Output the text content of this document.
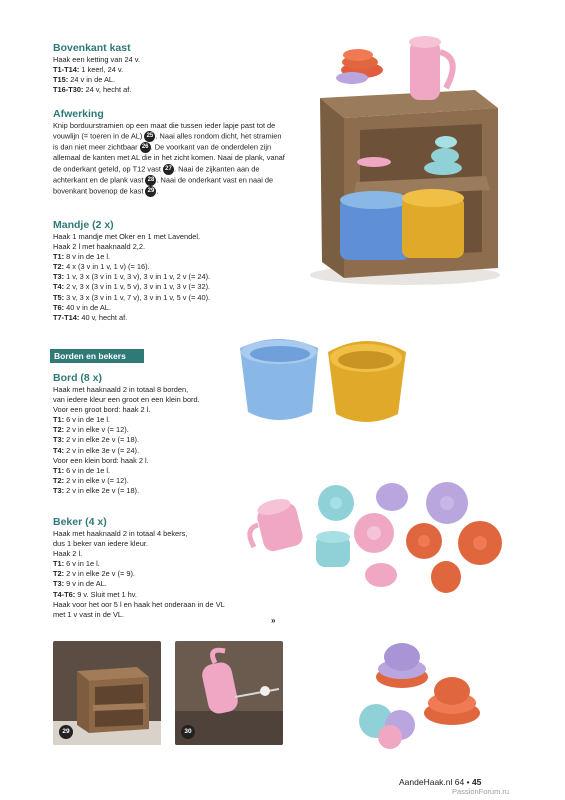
Bovenkant kast

Haak een ketting van 24 v.

T1-T14: 1 keerl, 24 v.

T15: 24 v in de AL.

T16-T30: 24 v, hecht af.

Afwerking

Knip borduurstramien op een maat die tussen ieder lapje past tot de vouwlijn (= toeren in de AL) 25 . Naai alles rondom dicht, het stramien is dan niet meer zichtbaar 26 . De voorkant van de onderdelen zijn allemaal de kanten met AL die in het zicht komen. Naai de plank, vanaf de onderkant geteld, op T12 vast 27 . Naai de zijkanten aan de achterkant en de plank vast 28 . Naai de onderkant vast en naai de bovenkant bovenop de kast 29 .

Mandje (2 x)

Haak 1 mandje met Oker en 1 met Lavendel.

Haak 2 l met haaknaald 2,2.

T1: 8 v in de 1e l.

T2: 4 x (3 v in 1 v, 1 v) (= 16).

T3: 1 v, 3 x (3 v in 1 v, 3 v), 3 v in 1 v, 2 v (= 24).

T4: 2 v, 3 x (3 v in 1 v, 5 v), 3 v in 1 v, 3 v (= 32).

T5: 3 v, 3 x (3 v in 1 v, 7 v), 3 v in 1 v, 5 v (= 40).

T6: 40 v in de AL.

T7-T14: 40 v, hecht af.

Borden en bekers
Bord (8 x)

Haak met haaknaald 2 in totaal 8 borden,

van iedere kleur een groot en een klein bord.

Voor een groot bord: haak 2 l.

T1: 6 v in de 1e l.

T2: 2 v in elke v (= 12).

T3: 2 v in elke 2e v (= 18).

T4: 2 v in elke 3e v (= 24).

Voor een klein bord: haak 2 l.

T1: 6 v in de 1e l.

T2: 2 v in elke v (= 12).

T3: 2 v in elke 2e v (= 18).

Beker (4 x)

Haak met haaknaald 2 in totaal 4 bekers,

dus 1 beker van iedere kleur.

Haak 2 l.

T1: 6 v in 1e l.

T2: 2 v in elke 2e v (= 9).

T3: 9 v in de AL.

T4-T6: 9 v. Sluit met 1 hv.

Haak voor het oor 5 l en haak het onderaan in de VL

met 1 v vast in de VL.

»
29	30
AandeHaak.nl 64 • 45
PassionForum.ru
